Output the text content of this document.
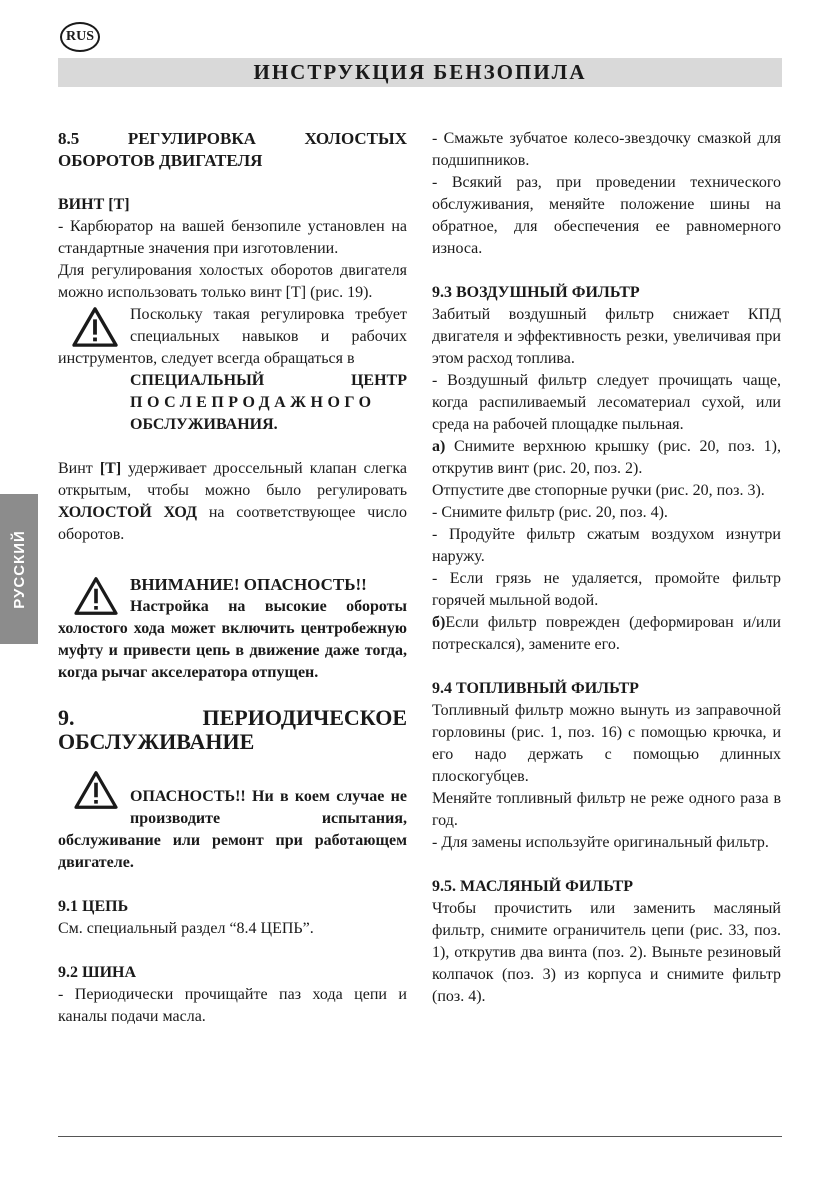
RUS
ИНСТРУКЦИЯ БЕНЗОПИЛА
РУССКИЙ

8.5 РЕГУЛИРОВКА ХОЛОСТЫХ

ОБОРОТОВ ДВИГАТЕЛЯ

ВИНТ [T]

- Карбюратор на вашей бензопиле установлен на стандартные значения при изготовлении.

Для регулирования холостых оборотов двигателя можно использовать только винт [T] (рис. 19).

Поскольку такая регулировка требует специальных навыков и рабочих инструментов, следует всегда обращаться в

СПЕЦИАЛЬНЫЙ ЦЕНТР

ПОСЛЕПРОДАЖНОГО

ОБСЛУЖИВАНИЯ.

Винт [T] удерживает дроссельный клапан слегка открытым, чтобы можно было регулировать ХОЛОСТОЙ ХОД на соответствующее число оборотов.

ВНИМАНИЕ! ОПАСНОСТЬ!!

Настройка на высокие обороты холостого хода может включить центробежную муфту и привести цепь в движение даже тогда, когда рычаг акселератора отпущен.

9. ПЕРИОДИЧЕСКОЕ

ОБСЛУЖИВАНИЕ

ОПАСНОСТЬ!! Ни в коем случае не производите испытания, обслуживание или ремонт при работающем двигателе.

9.1 ЦЕПЬ

См. специальный раздел “8.4 ЦЕПЬ”.

9.2 ШИНА

- Периодически прочищайте паз хода цепи и каналы подачи масла.

- Смажьте зубчатое колесо-звездочку смазкой для подшипников.

- Всякий раз, при проведении технического обслуживания, меняйте положение шины на обратное, для обеспечения ее равномерного износа.

9.3 ВОЗДУШНЫЙ ФИЛЬТР

Забитый воздушный фильтр снижает КПД двигателя и эффективность резки, увеличивая при этом расход топлива.

- Воздушный фильтр следует прочищать чаще, когда распиливаемый лесоматериал сухой, или среда на рабочей площадке пыльная.

а) Снимите верхнюю крышку (рис. 20, поз. 1), открутив винт (рис. 20, поз. 2).

Отпустите две стопорные ручки (рис. 20, поз. 3).

- Снимите фильтр (рис. 20, поз. 4).

- Продуйте фильтр сжатым воздухом изнутри наружу.

- Если грязь не удаляется, промойте фильтр горячей мыльной водой.

б)Если фильтр поврежден (деформирован и/или потрескался), замените его.

9.4 ТОПЛИВНЫЙ ФИЛЬТР

Топливный фильтр можно вынуть из заправочной горловины (рис. 1, поз. 16) с помощью крючка, и его надо держать с помощью длинных плоскогубцев.

Меняйте топливный фильтр не реже одного раза в год.

- Для замены используйте оригинальный фильтр.

9.5. МАСЛЯНЫЙ ФИЛЬТР

Чтобы прочистить или заменить масляный фильтр, снимите ограничитель цепи (рис. 33, поз. 1), открутив два винта (поз. 2). Выньте резиновый колпачок (поз. 3) из корпуса и снимите фильтр (поз. 4).
